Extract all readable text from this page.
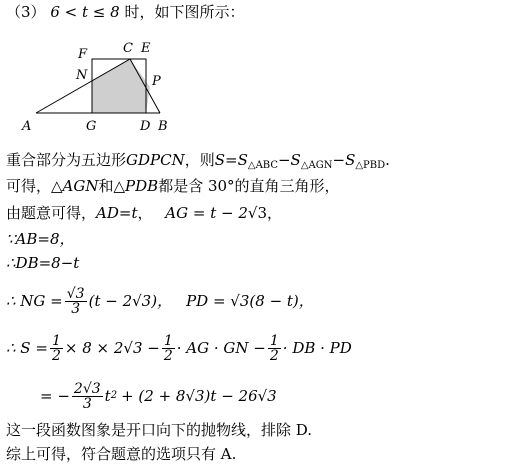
（3） 6 < t ≤ 8 时，如下图所示：
F	C E
N	P
A	G	D B
重合部分为五边形GDPCN，则$S=S_{\triangle ABC}-S_{\triangle AGN}-S_{\triangle PBD}$.
可得，△AGN和△PDB都是含 30°的直角三角形，
由题意可得，AD=t， AG = t − 2√3，
∵AB=8，
∴DB=8−t
∴ NG = $\frac{√3}{3} (t - 2√3)$， PD = √3(8 − t)，
∴ $S = \frac{1}{2} \times 8 \times 2√3 - \frac{1}{2}$ · AG · GN − $\frac{1}{2}$ · DB · PD
= − $\frac{2√3}{3}$ t 2 + (2 + 8√3)t − 26√3
这一段函数图象是开口向下的抛物线，排除 D.
综上可得，符合题意的选项只有 A.
